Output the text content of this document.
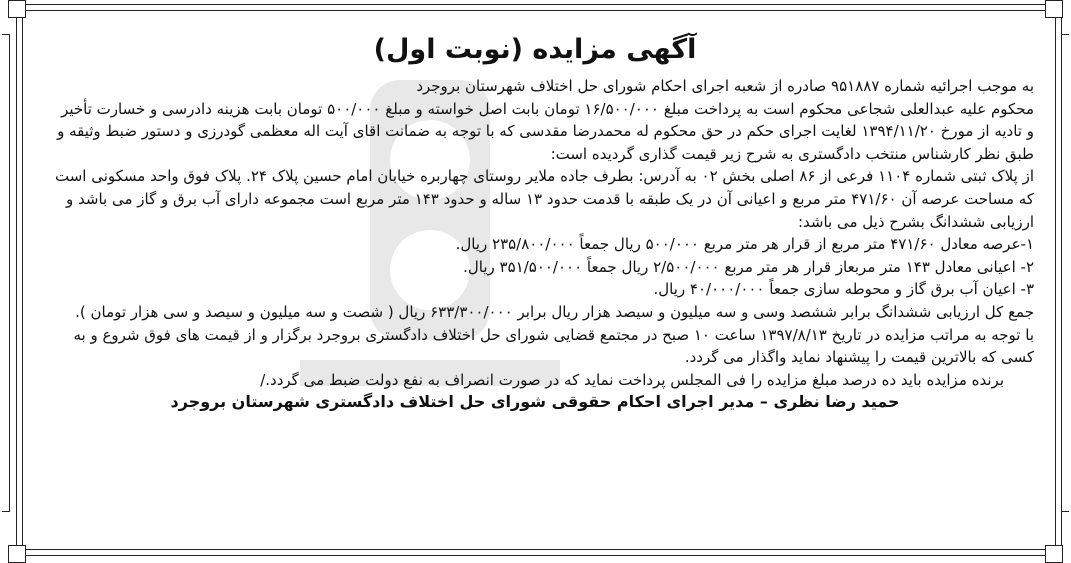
آگهی مزایده (نوبت اول)

به موجب اجرائیه شماره ۹۵۱۸۸۷ صادره از شعبه اجرای احکام شورای حل اختلاف شهرستان بروجرد

محکوم علیه عبدالعلی شجاعی محکوم است به پرداخت مبلغ ۱۶/۵۰۰/۰۰۰ تومان بابت اصل خواسته و مبلغ ۵۰۰/۰۰۰ تومان بابت هزینه دادرسی و خسارت تأخیر

و تادیه از مورخ ۱۳۹۴/۱۱/۲۰ لغایت اجرای حکم در حق محکوم له محمدرضا مقدسی که با توجه به ضمانت اقای آیت اله معظمی گودرزی و دستور ضبط وثیقه و

طبق نظر کارشناس منتخب دادگستری به شرح زیر قیمت گذاری گردیده است:

از پلاک ثبتی شماره ۱۱۰۴ فرعی از ۸۶ اصلی بخش ۰۲ به آدرس: بطرف جاده ملایر روستای چهاربره خیابان امام حسین پلاک ۲۴. پلاک فوق واحد مسکونی است

که مساحت عرصه آن ۴۷۱/۶۰ متر مربع و اعیانی آن در یک طبقه با قدمت حدود ۱۳ ساله و حدود ۱۴۳ متر مربع است مجموعه دارای آب برق و گاز می باشد و

ارزیابی ششدانگ بشرح ذیل می باشد:

۱-عرصه معادل ۴۷۱/۶۰ متر مربع از قرار هر متر مربع ۵۰۰/۰۰۰ ریال جمعاً ۲۳۵/۸۰۰/۰۰۰ ریال.

۲- اعیانی معادل ۱۴۳ متر مربعاز قرار هر متر مربع ۲/۵۰۰/۰۰۰ ریال جمعاً ۳۵۱/۵۰۰/۰۰۰ ریال.

۳- اعیان آب برق گاز و محوطه سازی جمعاً ۴۰/۰۰۰/۰۰۰ ریال.

جمع کل ارزیابی ششدانگ برابر ششصد وسی و سه میلیون و سیصد هزار ریال برابر ۶۳۳/۳۰۰/۰۰۰ ریال ( شصت و سه میلیون و سیصد و سی هزار تومان ).

با توجه به مراتب مزایده در تاریخ ۱۳۹۷/۸/۱۳ ساعت ۱۰ صبح در مجتمع قضایی شورای حل اختلاف دادگستری بروجرد برگزار و از قیمت های فوق شروع و به

کسی که بالاترین قیمت را پیشنهاد نماید واگذار می گردد.

برنده مزایده باید ده درصد مبلغ مزایده را فی المجلس پرداخت نماید که در صورت انصراف به نفع دولت ضبط می گردد./

حمید رضا نظری – مدیر اجرای احکام حقوقی شورای حل اختلاف دادگستری شهرستان بروجرد
